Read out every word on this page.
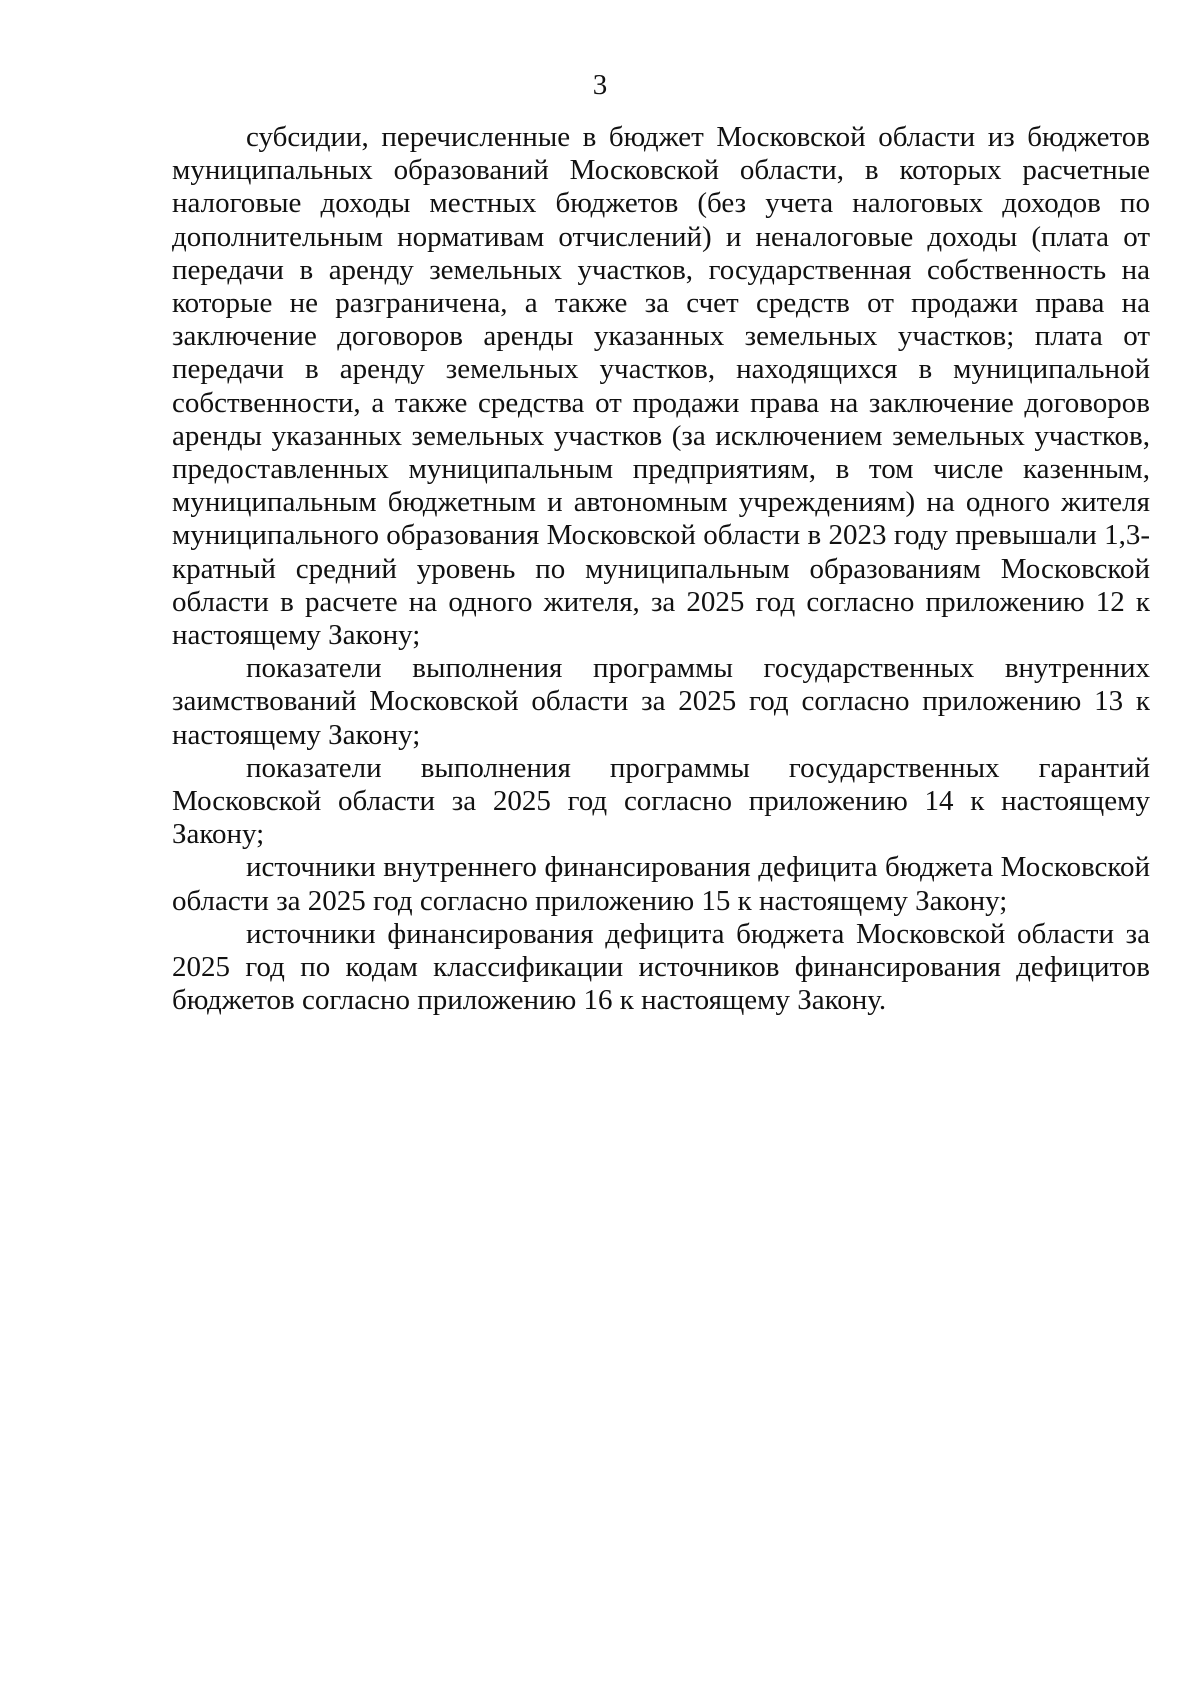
3

субсидии, перечисленные в бюджет Московской области из бюджетов муниципальных образований Московской области, в которых расчетные налоговые доходы местных бюджетов (без учета налоговых доходов по дополнительным нормативам отчислений) и неналоговые доходы (плата от передачи в аренду земельных участков, государственная собственность на которые не разграничена, а также за счет средств от продажи права на заключение договоров аренды указанных земельных участков; плата от передачи в аренду земельных участков, находящихся в муниципальной собственности, а также средства от продажи права на заключение договоров аренды указанных земельных участков (за исключением земельных участков, предоставленных муниципальным предприятиям, в том числе казенным, муниципальным бюджетным и автономным учреждениям) на одного жителя муниципального образования Московской области в 2023 году превышали 1,3-кратный средний уровень по муниципальным образованиям Московской области в расчете на одного жителя, за 2025 год согласно приложению 12 к настоящему Закону;

показатели выполнения программы государственных внутренних заимствований Московской области за 2025 год согласно приложению 13 к настоящему Закону;

показатели выполнения программы государственных гарантий Московской области за 2025 год согласно приложению 14 к настоящему Закону;

источники внутреннего финансирования дефицита бюджета Московской области за 2025 год согласно приложению 15 к настоящему Закону;

источники финансирования дефицита бюджета Московской области за 2025 год по кодам классификации источников финансирования дефицитов бюджетов согласно приложению 16 к настоящему Закону.
